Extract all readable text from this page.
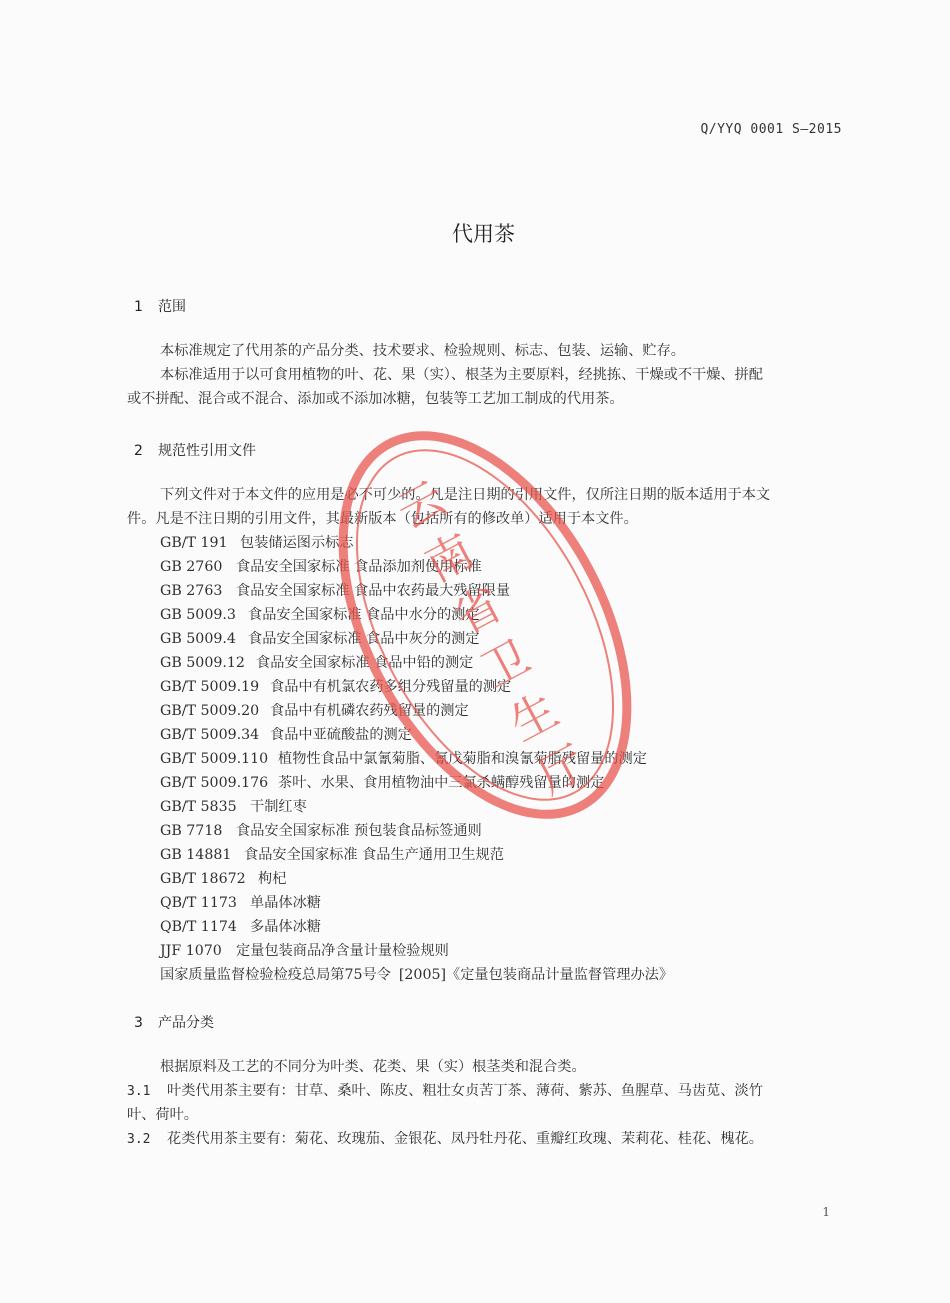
Q/YYQ 0001 S—2015
代用茶
1 范围
本标准规定了代用茶的产品分类、技术要求、检验规则、标志、包装、运输、贮存。
本标准适用于以可食用植物的叶、花、果（实）、根茎为主要原料，经挑拣、干燥或不干燥、拼配
或不拼配、混合或不混合、添加或不添加冰糖，包装等工艺加工制成的代用茶。
2 规范性引用文件
下列文件对于本文件的应用是必不可少的。凡是注日期的引用文件，仅所注日期的版本适用于本文
件。凡是不注日期的引用文件，其最新版本（包括所有的修改单）适用于本文件。
GB/T 191 包装储运图示标志
GB 2760 食品安全国家标准 食品添加剂使用标准
GB 2763 食品安全国家标准 食品中农药最大残留限量
GB 5009.3 食品安全国家标准 食品中水分的测定
GB 5009.4 食品安全国家标准 食品中灰分的测定
GB 5009.12 食品安全国家标准 食品中铅的测定
GB/T 5009.19 食品中有机氯农药多组分残留量的测定
GB/T 5009.20 食品中有机磷农药残留量的测定
GB/T 5009.34 食品中亚硫酸盐的测定
GB/T 5009.110 植物性食品中氯氰菊脂、氰戊菊脂和溴氰菊脂残留量的测定
GB/T 5009.176 茶叶、水果、食用植物油中三氯杀螨醇残留量的测定
GB/T 5835 干制红枣
GB 7718 食品安全国家标准 预包装食品标签通则
GB 14881 食品安全国家标准 食品生产通用卫生规范
GB/T 18672 枸杞
QB/T 1173 单晶体冰糖
QB/T 1174 多晶体冰糖
JJF 1070 定量包装商品净含量计量检验规则
国家质量监督检验检疫总局第75号令 [2005]《定量包装商品计量监督管理办法》
3 产品分类
根据原料及工艺的不同分为叶类、花类、果（实）根茎类和混合类。
3.1 叶类代用茶主要有：甘草、桑叶、陈皮、粗壮女贞苦丁茶、薄荷、紫苏、鱼腥草、马齿苋、淡竹
叶、荷叶。
3.2 花类代用茶主要有：菊花、玫瑰茄、金银花、凤丹牡丹花、重瓣红玫瑰、茉莉花、桂花、槐花。
1
云
南
省
卫
生
厅
